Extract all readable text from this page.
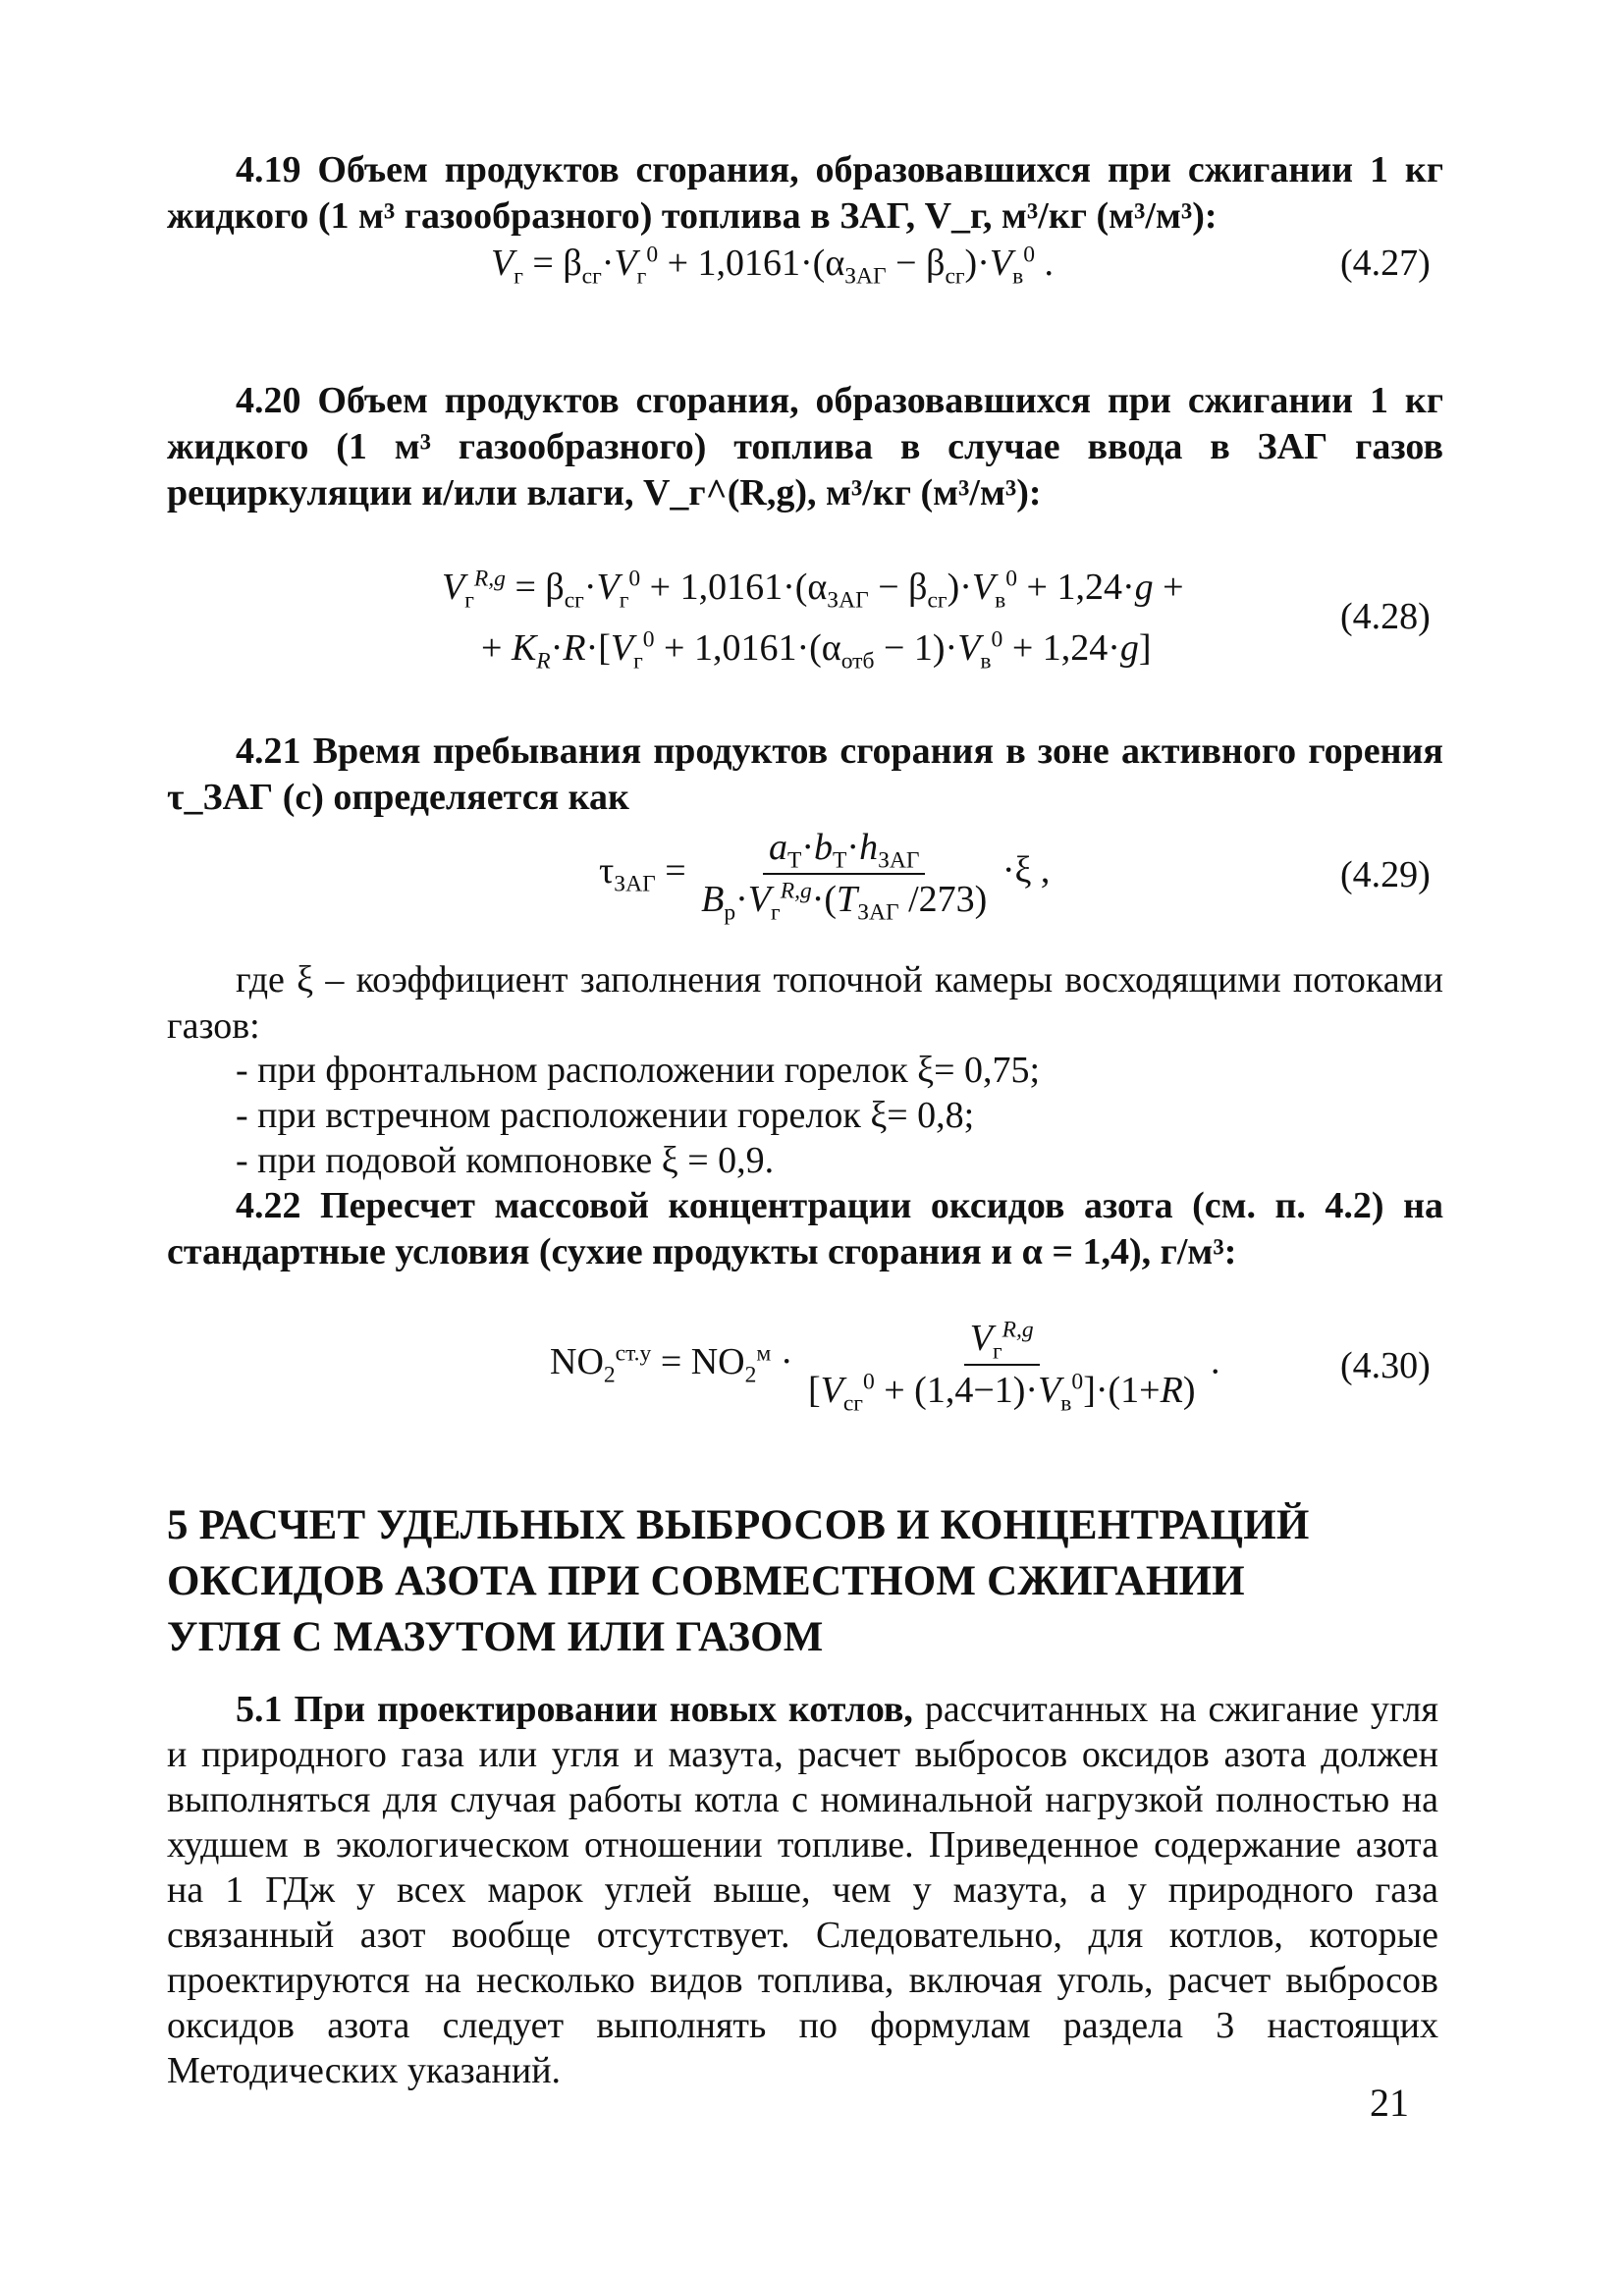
4.19 Объем продуктов сгорания, образовавшихся при сжигании 1 кг жидкого (1 м³ газообразного) топлива в ЗАГ, V_г, м³/кг (м³/м³):
$V_г = \beta_{сг}\cdot V_г^0 + 1,0161\cdot(\alpha_{ЗАГ} - \beta_{сг})\cdot V_в^0$ .	(4.27)
4.20 Объем продуктов сгорания, образовавшихся при сжигании 1 кг жидкого (1 м³ газообразного) топлива в случае ввода в ЗАГ газов рециркуляции и/или влаги, V_г^(R,g), м³/кг (м³/м³):
$V_г^{R,g} = \beta_{сг}\cdot V_г^0 + 1,0161\cdot(\alpha_{ЗАГ} - \beta_{сг})\cdot V_в^0 + 1,24\cdot g$ +
+ $K_R\cdot R\cdot[V_г^0 + 1,0161\cdot(\alpha_{отб} - 1)\cdot V_в^0 + 1,24\cdot g]$
(4.28)
4.21 Время пребывания продуктов сгорания в зоне активного горения τ_ЗАГ (с) определяется как
$\tau_{ЗАГ} = \frac{a_Т\cdot b_Т\cdot h_{ЗАГ}}{B_р\cdot V_г^{R,g}\cdot(T_{ЗАГ} /273)} \cdot\xi$ ,	(4.29)
где ξ – коэффициент заполнения топочной камеры восходящими потоками газов:
- при фронтальном расположении горелок ξ= 0,75;
- при встречном расположении горелок ξ= 0,8;
- при подовой компоновке ξ = 0,9.
4.22 Пересчет массовой концентрации оксидов азота (см. п. 4.2) на стандартные условия (сухие продукты сгорания и α = 1,4), г/м³:
$NO_2^{ст.у} = NO_2^м \cdot \frac{V_г^{R,g}}{[V_{сг}^0 + (1,4-1)\cdot V_в^0]\cdot(1+R)}$ .	(4.30)
5 РАСЧЕТ УДЕЛЬНЫХ ВЫБРОСОВ И КОНЦЕНТРАЦИЙ
ОКСИДОВ АЗОТА ПРИ СОВМЕСТНОМ СЖИГАНИИ
УГЛЯ С МАЗУТОМ ИЛИ ГАЗОМ
5.1 При проектировании новых котлов, рассчитанных на сжигание угля и природного газа или угля и мазута, расчет выбросов оксидов азота должен выполняться для случая работы котла с номинальной нагрузкой полностью на худшем в экологическом отношении топливе. Приведенное содержание азота на 1 ГДж у всех марок углей выше, чем у мазута, а у природного газа связанный азот вообще отсутствует. Следовательно, для котлов, которые проектируются на несколько видов топлива, включая уголь, расчет выбросов оксидов азота следует выполнять по формулам раздела 3 настоящих Методических указаний.
21
